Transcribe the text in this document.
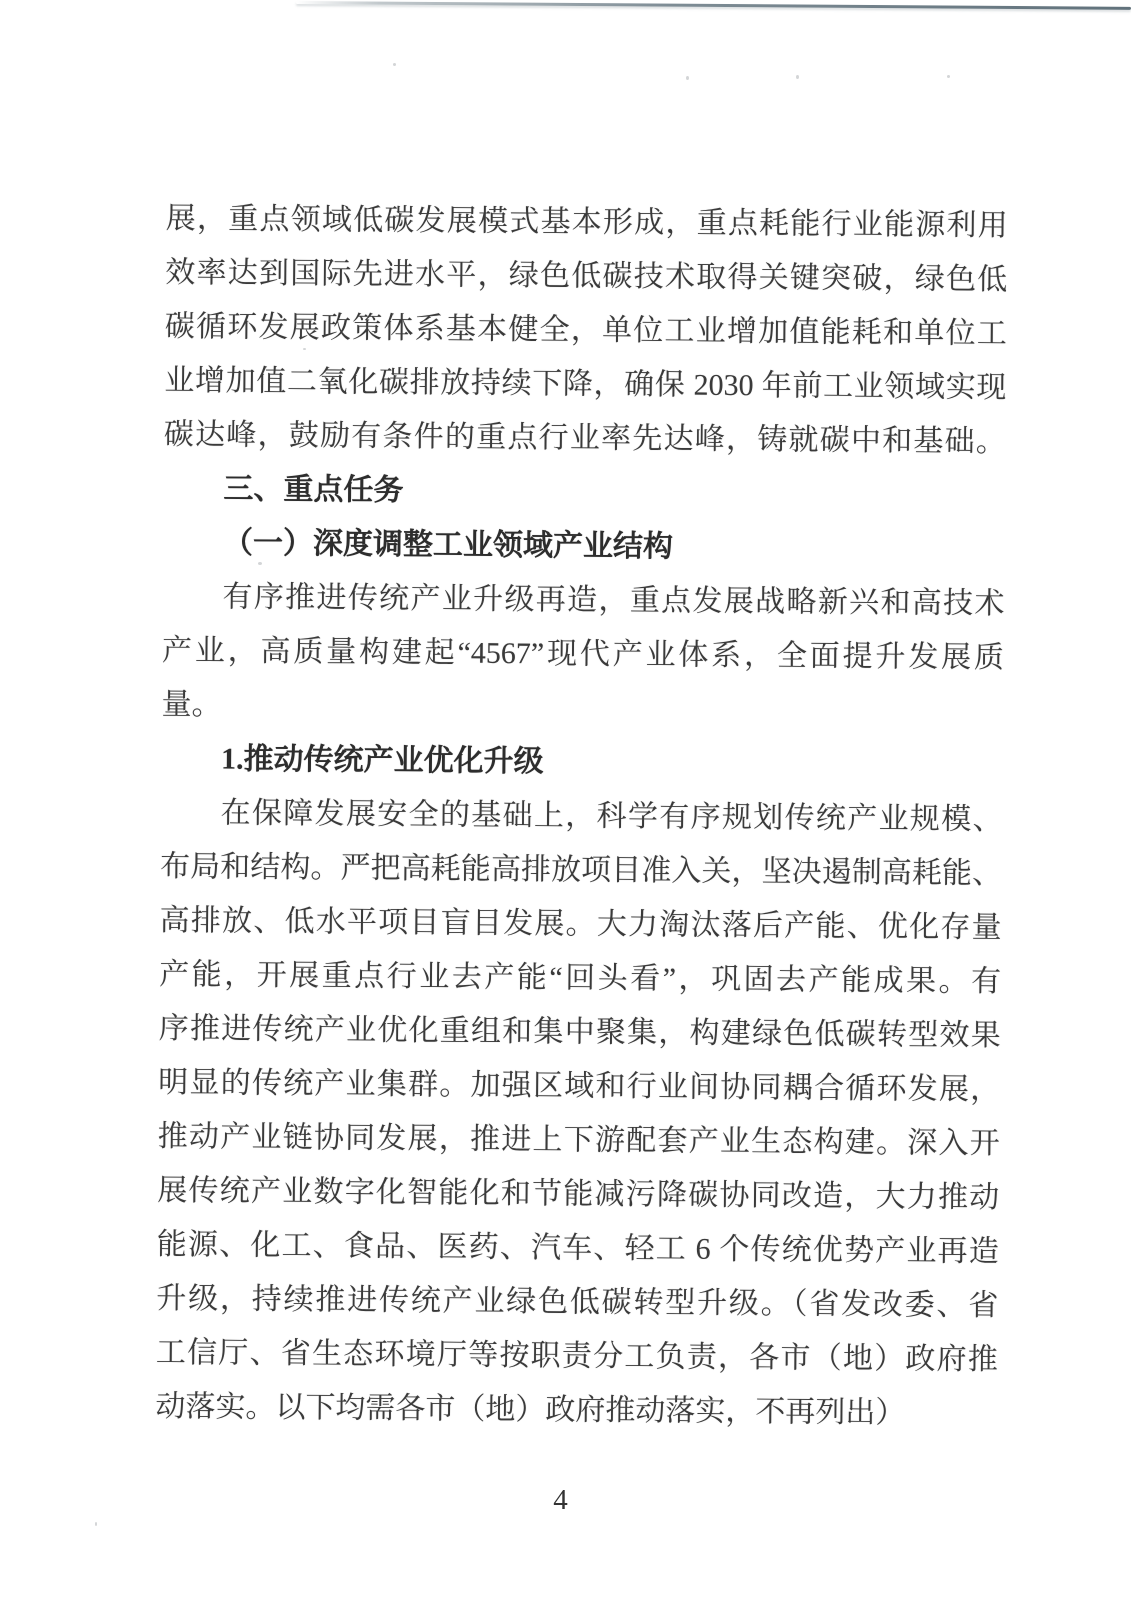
展，重点领域低碳发展模式基本形成，重点耗能行业能源利用
效率达到国际先进水平，绿色低碳技术取得关键突破，绿色低
碳循环发展政策体系基本健全，单位工业增加值能耗和单位工
业增加值二氧化碳排放持续下降，确保 2030 年前工业领域实现
碳达峰，鼓励有条件的重点行业率先达峰，铸就碳中和基础。
三、重点任务
（一）深度调整工业领域产业结构
有序推进传统产业升级再造，重点发展战略新兴和高技术
产业，高质量构建起“4567”现代产业体系，全面提升发展质
量。
1.推动传统产业优化升级
在保障发展安全的基础上，科学有序规划传统产业规模、
布局和结构。严把高耗能高排放项目准入关，坚决遏制高耗能、
高排放、低水平项目盲目发展。大力淘汰落后产能、优化存量
产能，开展重点行业去产能“回头看”，巩固去产能成果。有
序推进传统产业优化重组和集中聚集，构建绿色低碳转型效果
明显的传统产业集群。加强区域和行业间协同耦合循环发展，
推动产业链协同发展，推进上下游配套产业生态构建。深入开
展传统产业数字化智能化和节能减污降碳协同改造，大力推动
能源、化工、食品、医药、汽车、轻工 6 个传统优势产业再造
升级，持续推进传统产业绿色低碳转型升级。（省发改委、省
工信厅、省生态环境厅等按职责分工负责，各市（地）政府推
动落实。以下均需各市（地）政府推动落实，不再列出）
4
